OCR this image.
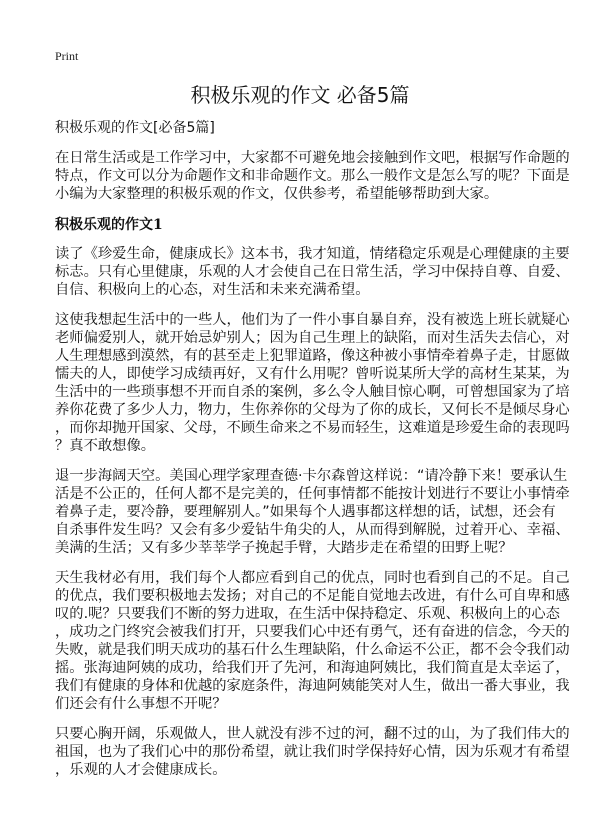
Print
积极乐观的作文 必备5篇
积极乐观的作文[必备5篇]
在日常生活或是工作学习中，大家都不可避免地会接触到作文吧，根据写作命题的
特点，作文可以分为命题作文和非命题作文。那么一般作文是怎么写的呢？下面是
小编为大家整理的积极乐观的作文，仅供参考，希望能够帮助到大家。
积极乐观的作文1
读了《珍爱生命，健康成长》这本书，我才知道，情绪稳定乐观是心理健康的主要
标志。只有心里健康，乐观的人才会使自己在日常生活，学习中保持自尊、自爱、
自信、积极向上的心态，对生活和未来充满希望。
这使我想起生活中的一些人，他们为了一件小事自暴自弃，没有被选上班长就疑心
老师偏爱别人，就开始忌妒别人；因为自己生理上的缺陷，而对生活失去信心，对
人生理想感到漠然，有的甚至走上犯罪道路，像这种被小事情牵着鼻子走，甘愿做
懦夫的人，即使学习成绩再好，又有什么用呢？曾听说某所大学的高材生某某，为
生活中的一些琐事想不开而自杀的案例，多么令人触目惊心啊，可曾想国家为了培
养你花费了多少人力，物力，生你养你的父母为了你的成长，又何长不是倾尽身心
，而你却抛开国家、父母，不顾生命来之不易而轻生，这难道是珍爱生命的表现吗
？真不敢想像。
退一步海阔天空。美国心理学家理查德·卡尔森曾这样说：“请冷静下来！要承认生
活是不公正的，任何人都不是完美的，任何事情都不能按计划进行不要让小事情牵
着鼻子走，要冷静，要理解别人。”如果每个人遇事都这样想的话，试想，还会有
自杀事件发生吗？又会有多少爱钻牛角尖的人，从而得到解脱，过着开心、幸福、
美满的生活；又有多少莘莘学子挽起手臂，大踏步走在希望的田野上呢？
天生我材必有用，我们每个人都应看到自己的优点，同时也看到自己的不足。自己
的优点，我们要积极地去发扬；对自己的不足能自觉地去改进，有什么可自卑和感
叹的.呢？只要我们不断的努力进取，在生活中保持稳定、乐观、积极向上的心态
，成功之门终究会被我们打开，只要我们心中还有勇气，还有奋进的信念，今天的
失败，就是我们明天成功的基石什么生理缺陷，什么命运不公正，都不会令我们动
摇。张海迪阿姨的成功，给我们开了先河，和海迪阿姨比，我们简直是太幸运了，
我们有健康的身体和优越的家庭条件，海迪阿姨能笑对人生，做出一番大事业，我
们还会有什么事想不开呢？
只要心胸开阔，乐观做人，世人就没有涉不过的河，翻不过的山，为了我们伟大的
祖国，也为了我们心中的那份希望，就让我们时学保持好心情，因为乐观才有希望
，乐观的人才会健康成长。
